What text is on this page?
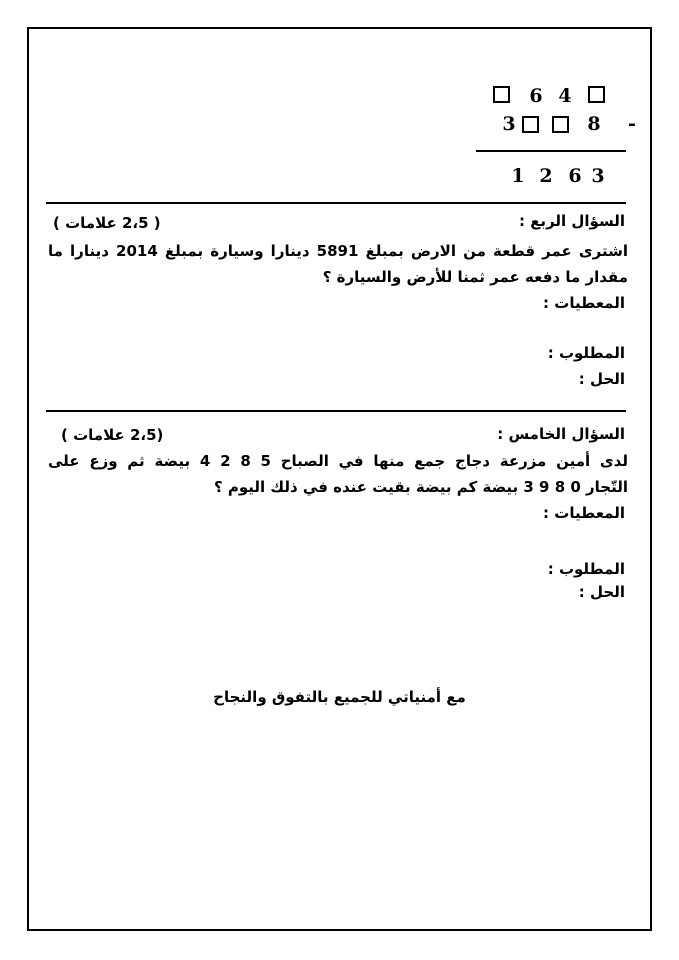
6 4
3	8 -
1 2 6 3
السؤال الربع :
( 2،5 علامات )
اشترى عمر قطعة من الارض بمبلغ 5891 دينارا وسيارة بمبلغ 2014 دينارا ما
مقدار ما دفعه عمر ثمنا للأرض والسيارة ؟
المعطيات :
المطلوب :
الحل :
السؤال الخامس :
(2،5 علامات )
لدى أمين مزرعة دجاج جمع منها في الصباح 5 8 2 4 بيضة ثم وزع على
التّجار 0 8 9 3 بيضة كم بيضة بقيت عنده في ذلك اليوم ؟
المعطيات :
المطلوب :
الحل :
مع أمنياتي للجميع بالتفوق والنجاح
